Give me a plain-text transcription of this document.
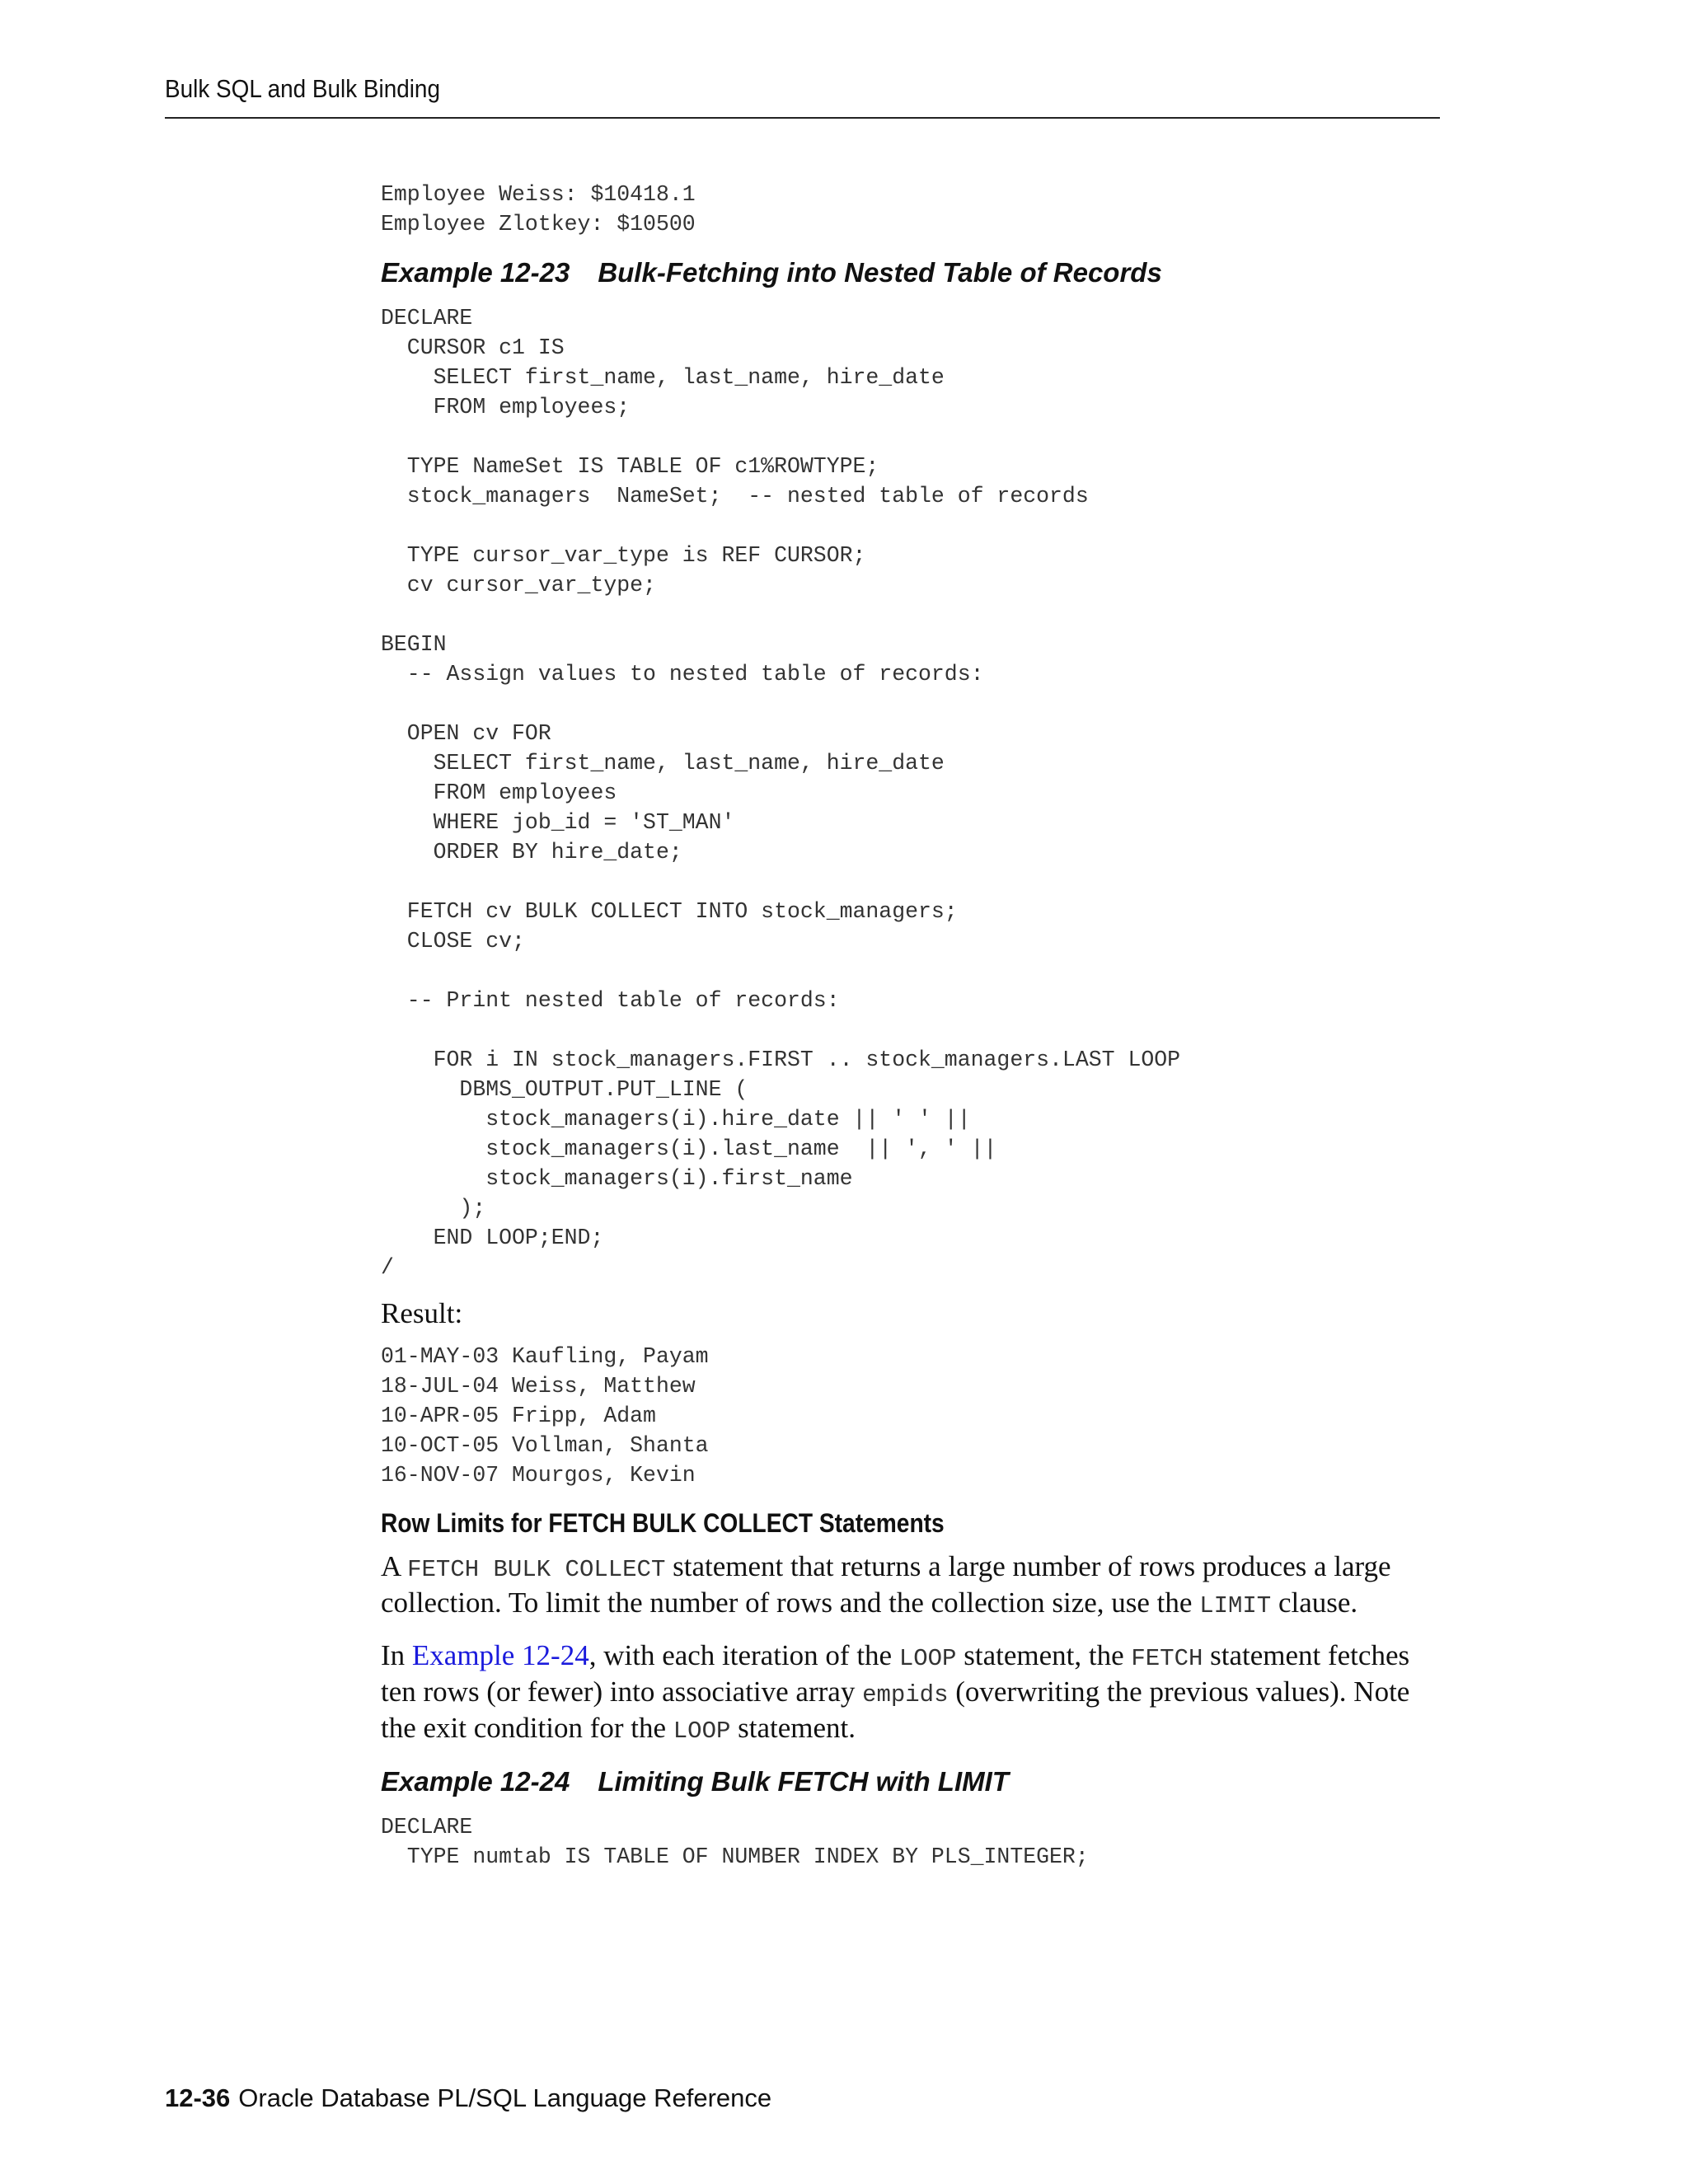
Bulk SQL and Bulk Binding
Employee Weiss: $10418.1
Employee Zlotkey: $10500
Example 12-23 Bulk-Fetching into Nested Table of Records
DECLARE
CURSOR c1 IS
SELECT first_name, last_name, hire_date
FROM employees;

TYPE NameSet IS TABLE OF c1%ROWTYPE;
stock_managers  NameSet;  -- nested table of records

TYPE cursor_var_type is REF CURSOR;
cv cursor_var_type;

BEGIN
-- Assign values to nested table of records:

OPEN cv FOR
SELECT first_name, last_name, hire_date
FROM employees
WHERE job_id = 'ST_MAN'
ORDER BY hire_date;

FETCH cv BULK COLLECT INTO stock_managers;
CLOSE cv;

-- Print nested table of records:

FOR i IN stock_managers.FIRST .. stock_managers.LAST LOOP
DBMS_OUTPUT.PUT_LINE (
stock_managers(i).hire_date || ' ' ||
stock_managers(i).last_name  || ', ' ||
stock_managers(i).first_name
);
END LOOP;END;
/
Result:
01-MAY-03 Kaufling, Payam
18-JUL-04 Weiss, Matthew
10-APR-05 Fripp, Adam
10-OCT-05 Vollman, Shanta
16-NOV-07 Mourgos, Kevin
Row Limits for FETCH BULK COLLECT Statements

A FETCH BULK COLLECT statement that returns a large number of rows produces a large collection. To limit the number of rows and the collection size, use the LIMIT clause.

In Example 12-24, with each iteration of the LOOP statement, the FETCH statement fetches ten rows (or fewer) into associative array empids (overwriting the previous values). Note the exit condition for the LOOP statement.

Example 12-24 Limiting Bulk FETCH with LIMIT
DECLARE
TYPE numtab IS TABLE OF NUMBER INDEX BY PLS_INTEGER;
12-36 Oracle Database PL/SQL Language Reference
